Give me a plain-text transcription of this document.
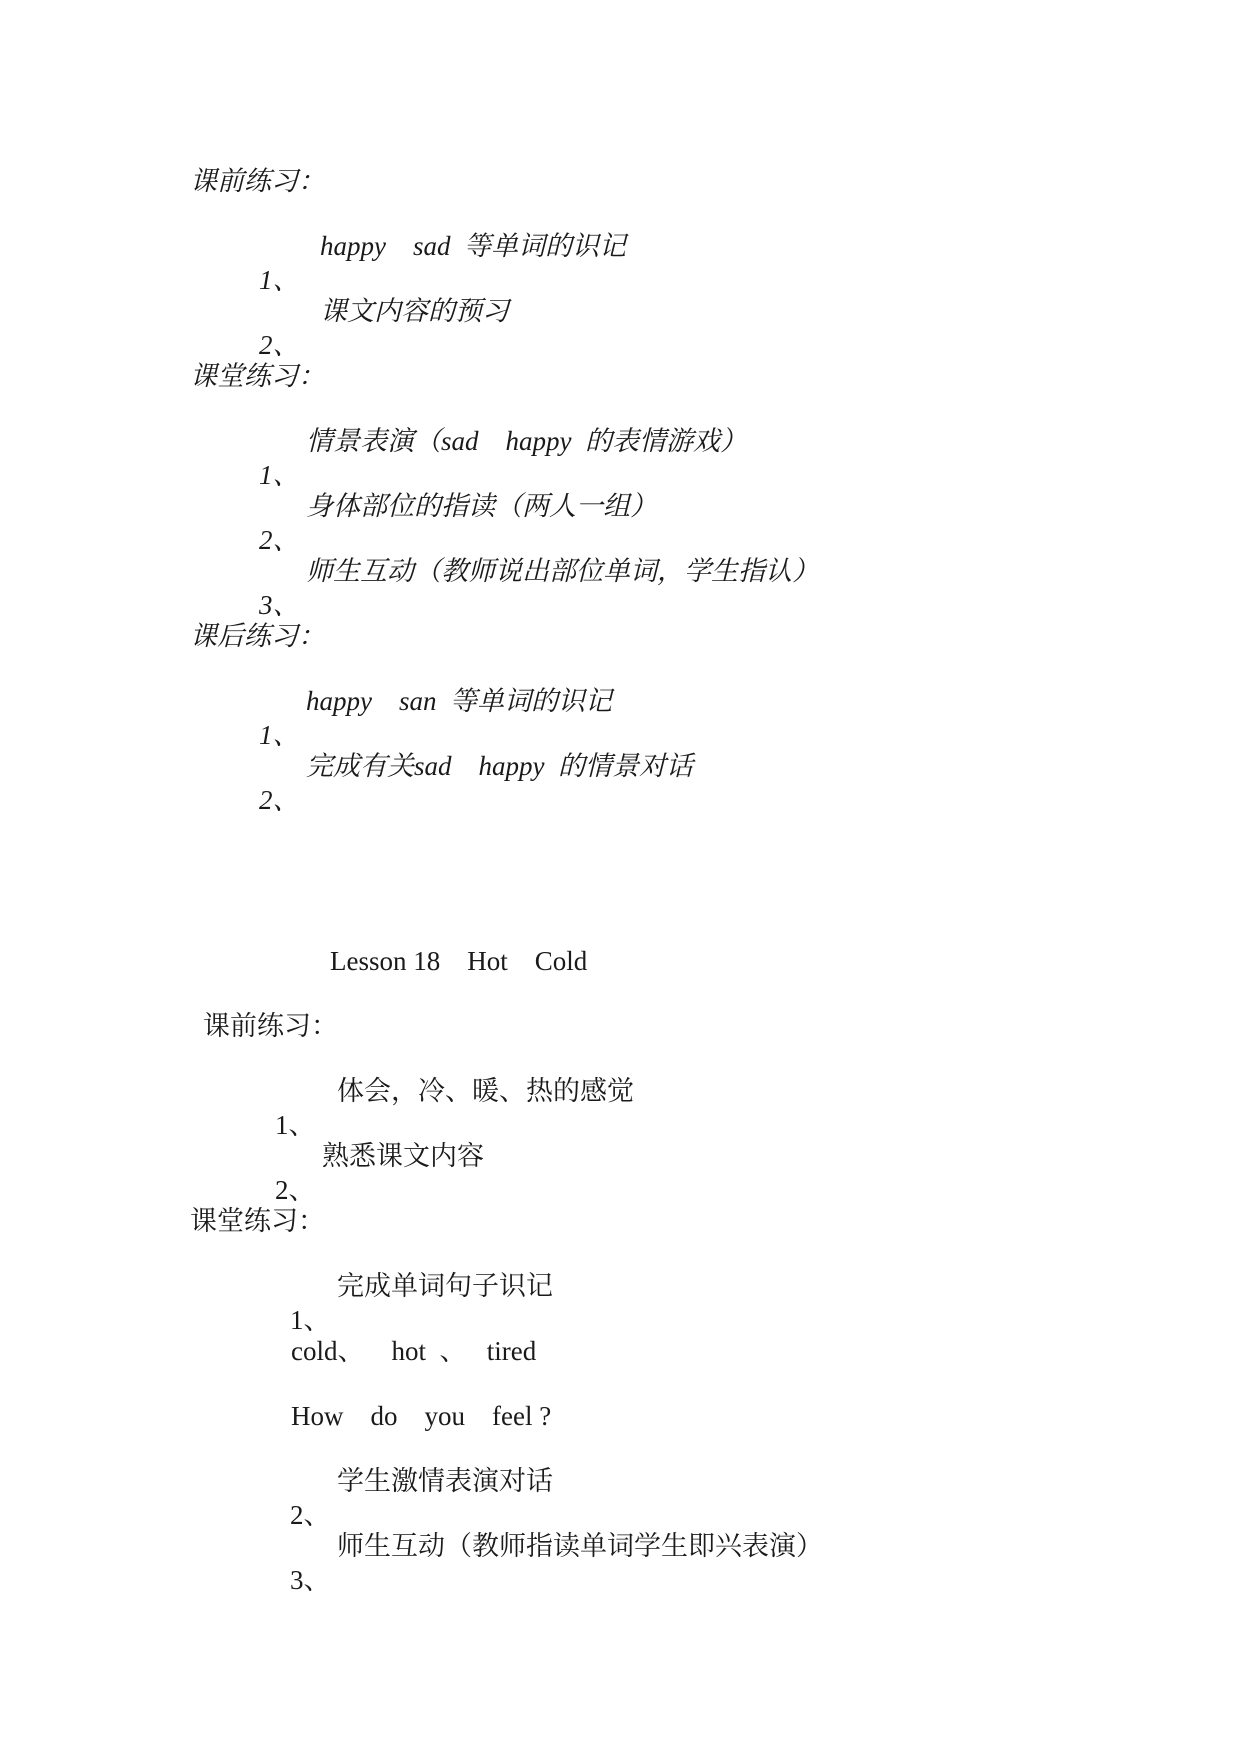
课前练习：

1、

happy    sad  等单词的识记

2、

课文内容的预习
课堂练习：

1、

情景表演（sad    happy  的表情游戏）

2、

身体部位的指读（两人一组）

3、

师生互动（教师说出部位单词，学生指认）
课后练习：

1、

happy    san  等单词的识记

2、

完成有关sad    happy  的情景对话
Lesson 18    Hot    Cold
课前练习：

1、

体会，冷、暖、热的感觉

2、

熟悉课文内容
课堂练习：

1、

完成单词句子识记
cold、    hot  、   tired
How    do    you    feel ?

2、

学生激情表演对话

3、

师生互动（教师指读单词学生即兴表演）
